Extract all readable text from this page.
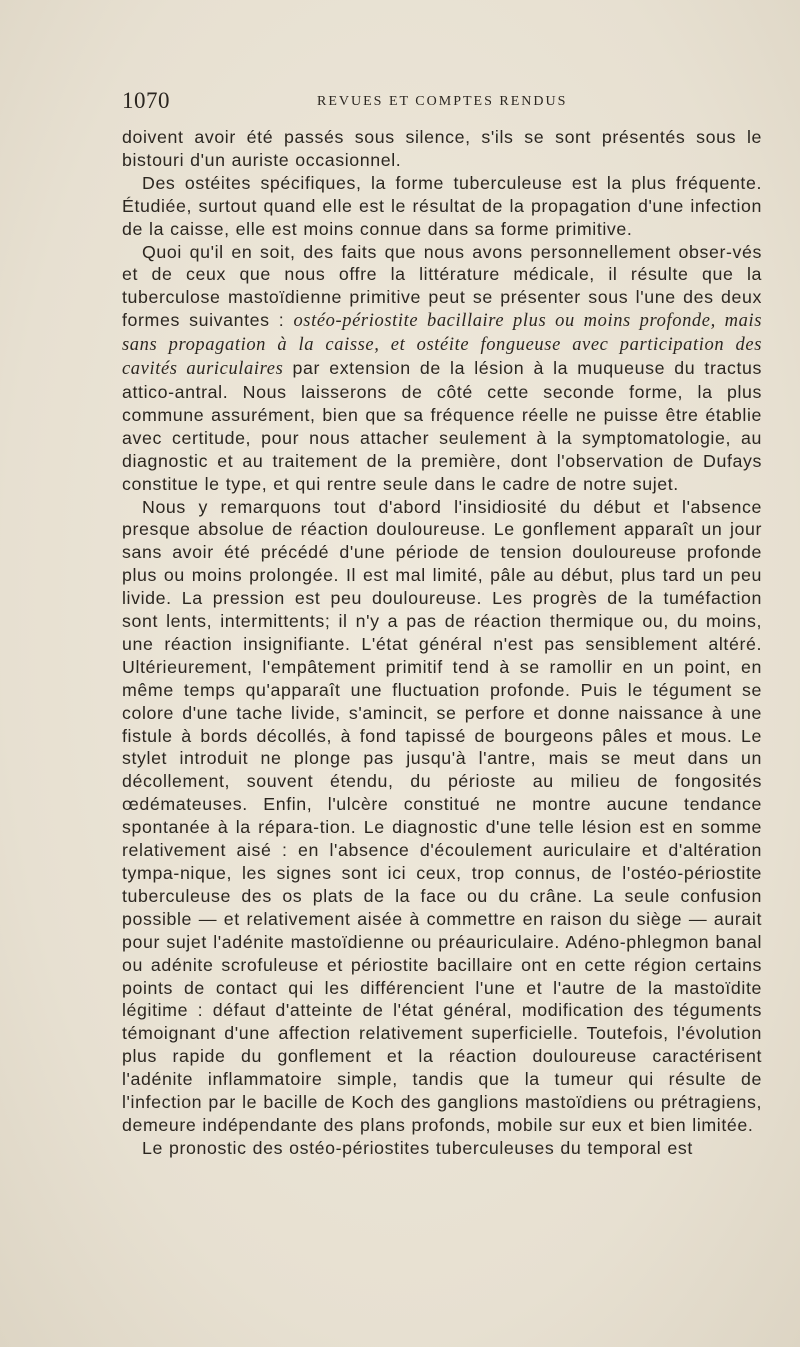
1070	REVUES ET COMPTES RENDUS

doivent avoir été passés sous silence, s'ils se sont présentés sous le bistouri d'un auriste occasionnel.

Des ostéites spécifiques, la forme tuberculeuse est la plus fréquente. Étudiée, surtout quand elle est le résultat de la propagation d'une infection de la caisse, elle est moins connue dans sa forme primitive.

Quoi qu'il en soit, des faits que nous avons personnellement obser-vés et de ceux que nous offre la littérature médicale, il résulte que la tuberculose mastoïdienne primitive peut se présenter sous l'une des deux formes suivantes : ostéo-périostite bacillaire plus ou moins profonde, mais sans propagation à la caisse, et ostéite fongueuse avec participation des cavités auriculaires par extension de la lésion à la muqueuse du tractus attico-antral. Nous laisserons de côté cette seconde forme, la plus commune assurément, bien que sa fréquence réelle ne puisse être établie avec certitude, pour nous attacher seulement à la symptomatologie, au diagnostic et au traitement de la première, dont l'observation de Dufays constitue le type, et qui rentre seule dans le cadre de notre sujet.

Nous y remarquons tout d'abord l'insidiosité du début et l'absence presque absolue de réaction douloureuse. Le gonflement apparaît un jour sans avoir été précédé d'une période de tension douloureuse profonde plus ou moins prolongée. Il est mal limité, pâle au début, plus tard un peu livide. La pression est peu douloureuse. Les progrès de la tuméfaction sont lents, intermittents; il n'y a pas de réaction thermique ou, du moins, une réaction insignifiante. L'état général n'est pas sensiblement altéré. Ultérieurement, l'empâtement primitif tend à se ramollir en un point, en même temps qu'apparaît une fluctuation profonde. Puis le tégument se colore d'une tache livide, s'amincit, se perfore et donne naissance à une fistule à bords décollés, à fond tapissé de bourgeons pâles et mous. Le stylet introduit ne plonge pas jusqu'à l'antre, mais se meut dans un décollement, souvent étendu, du périoste au milieu de fongosités œdémateuses. Enfin, l'ulcère constitué ne montre aucune tendance spontanée à la répara-tion. Le diagnostic d'une telle lésion est en somme relativement aisé : en l'absence d'écoulement auriculaire et d'altération tympa-nique, les signes sont ici ceux, trop connus, de l'ostéo-périostite tuberculeuse des os plats de la face ou du crâne. La seule confusion possible — et relativement aisée à commettre en raison du siège — aurait pour sujet l'adénite mastoïdienne ou préauriculaire. Adéno-phlegmon banal ou adénite scrofuleuse et périostite bacillaire ont en cette région certains points de contact qui les différencient l'une et l'autre de la mastoïdite légitime : défaut d'atteinte de l'état général, modification des téguments témoignant d'une affection relativement superficielle. Toutefois, l'évolution plus rapide du gonflement et la réaction douloureuse caractérisent l'adénite inflammatoire simple, tandis que la tumeur qui résulte de l'infection par le bacille de Koch des ganglions mastoïdiens ou prétragiens, demeure indépendante des plans profonds, mobile sur eux et bien limitée.

Le pronostic des ostéo-périostites tuberculeuses du temporal est
